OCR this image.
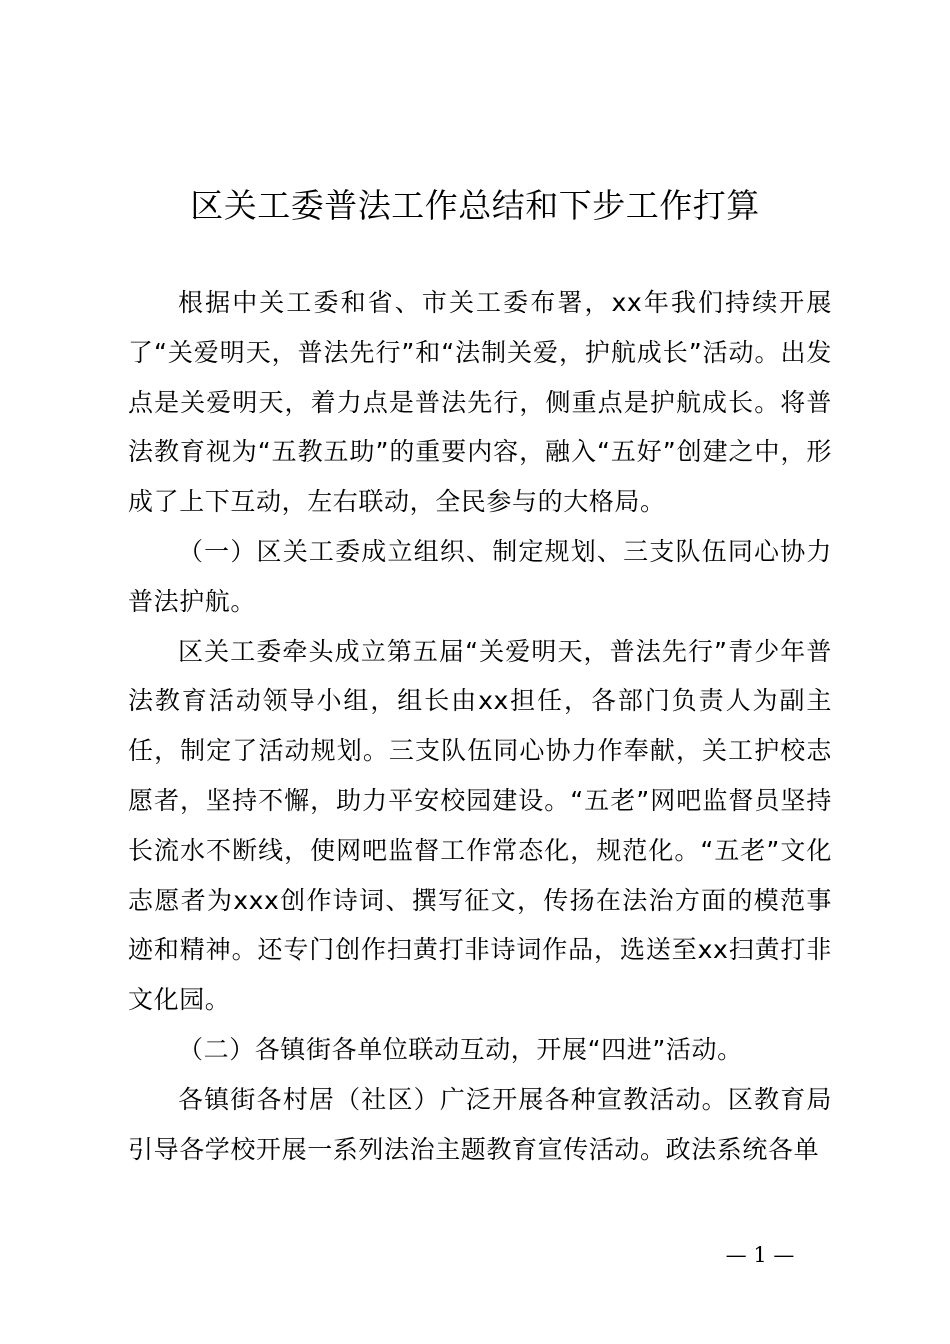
区关工委普法工作总结和下步工作打算

根据中关工委和省、市关工委布署，xx年我们持续开展了“关爱明天，普法先行”和“法制关爱，护航成长”活动。出发点是关爱明天，着力点是普法先行，侧重点是护航成长。将普法教育视为“五教五助”的重要内容，融入“五好”创建之中，形成了上下互动，左右联动，全民参与的大格局。

（一）区关工委成立组织、制定规划、三支队伍同心协力普法护航。

区关工委牵头成立第五届“关爱明天，普法先行”青少年普法教育活动领导小组，组长由xx担任，各部门负责人为副主任，制定了活动规划。三支队伍同心协力作奉献，关工护校志愿者，坚持不懈，助力平安校园建设。“五老”网吧监督员坚持长流水不断线，使网吧监督工作常态化，规范化。“五老”文化志愿者为xxx创作诗词、撰写征文，传扬在法治方面的模范事迹和精神。还专门创作扫黄打非诗词作品，选送至xx扫黄打非文化园。

（二）各镇街各单位联动互动，开展“四进”活动。

各镇街各村居（社区）广泛开展各种宣教活动。区教育局引导各学校开展一系列法治主题教育宣传活动。政法系统各单

— 1 —
